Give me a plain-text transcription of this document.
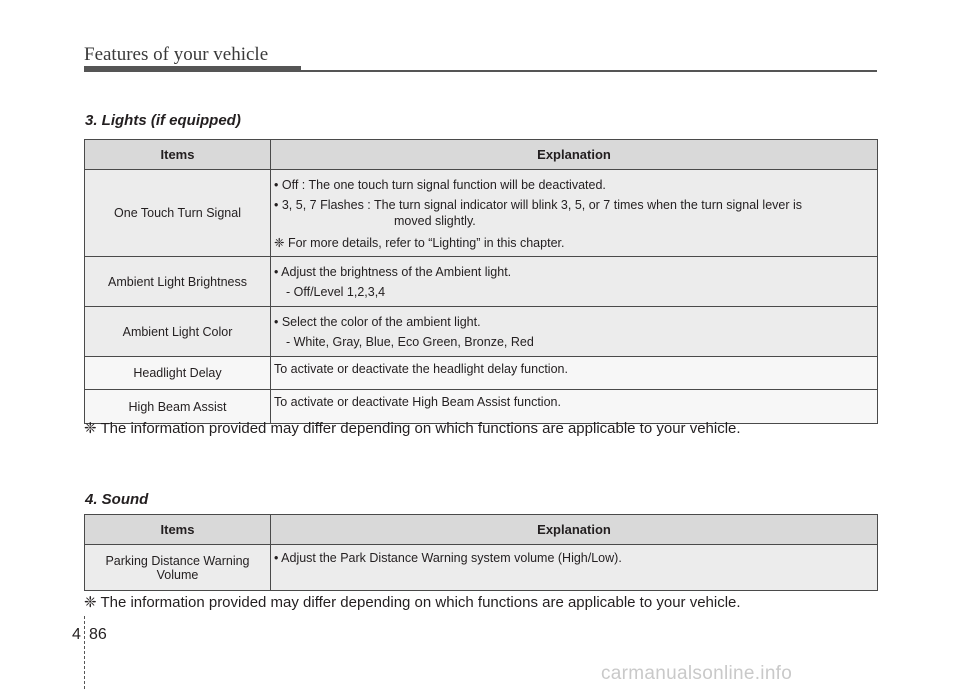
Features of your vehicle
3. Lights (if equipped)
Items	Explanation
One Touch Turn Signal	• Off : The one touch turn signal function will be deactivated.
• 3, 5, 7 Flashes : The turn signal indicator will blink 3, 5, or 7 times when the turn signal lever is
moved slightly.
❈ For more details, refer to “Lighting” in this chapter.

Ambient Light Brightness	• Adjust the brightness of the Ambient light.
- Off/Level 1,2,3,4

Ambient Light Color	• Select the color of the ambient light.
- White, Gray, Blue, Eco Green, Bronze, Red

Headlight Delay	To activate or deactivate the headlight delay function.
High Beam Assist	To activate or deactivate High Beam Assist function.
❈ The information provided may differ depending on which functions are applicable to your vehicle.
4. Sound
Items	Explanation

Parking Distance Warning
Volume	• Adjust the Park Distance Warning system volume (High/Low).
❈ The information provided may differ depending on which functions are applicable to your vehicle.
4 86
carmanualsonline.info
